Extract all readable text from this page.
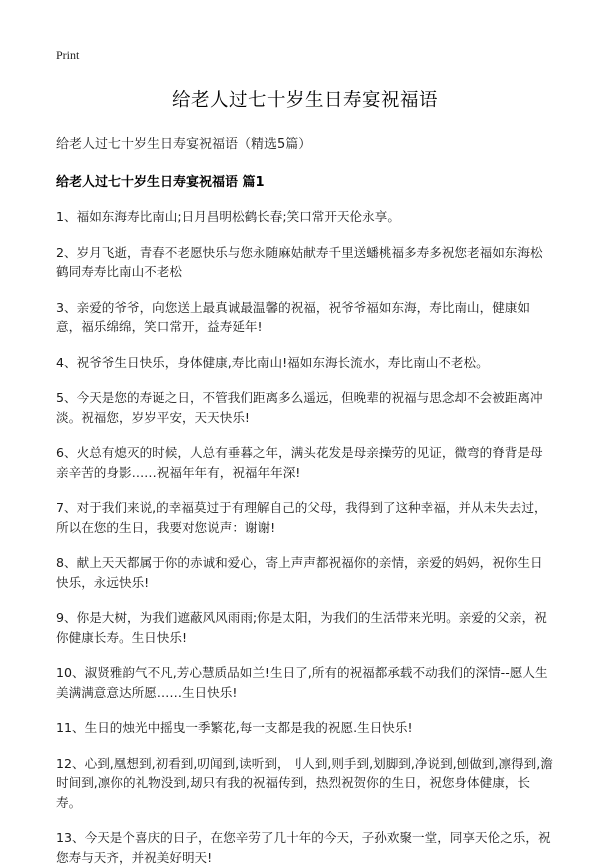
Print
给老人过七十岁生日寿宴祝福语

给老人过七十岁生日寿宴祝福语（精选5篇）

给老人过七十岁生日寿宴祝福语 篇1

1、福如东海寿比南山;日月昌明松鹤长春;笑口常开天伦永享。

2、岁月飞逝，青春不老愿快乐与您永随麻姑献寿千里送蟠桃福多寿多祝您老福如东海松鹤同寿寿比南山不老松

3、亲爱的爷爷，向您送上最真诚最温馨的祝福，祝爷爷福如东海，寿比南山，健康如意，福乐绵绵，笑口常开，益寿延年!

4、祝爷爷生日快乐，身体健康,寿比南山!福如东海长流水，寿比南山不老松。

5、今天是您的寿诞之日，不管我们距离多么遥远，但晚辈的祝福与思念却不会被距离冲淡。祝福您，岁岁平安，天天快乐!

6、火总有熄灭的时候，人总有垂暮之年，满头花发是母亲操劳的见证，微弯的脊背是母亲辛苦的身影……祝福年年有，祝福年年深!

7、对于我们来说,的幸福莫过于有理解自己的父母，我得到了这种幸福，并从未失去过，所以在您的生日，我要对您说声：谢谢!

8、献上天天都属于你的赤诚和爱心，寄上声声都祝福你的亲情，亲爱的妈妈，祝你生日快乐，永远快乐!

9、你是大树，为我们遮蔽风风雨雨;你是太阳，为我们的生活带来光明。亲爱的父亲，祝你健康长寿。生日快乐!

10、淑贤雅韵气不凡,芳心慧质品如兰!生日了,所有的祝福都承载不动我们的深情--愿人生美满满意意达所愿……生日快乐!

11、生日的烛光中摇曳一季繁花,每一支都是我的祝愿.生日快乐!

12、心到,凰想到,初看到,叨闻到,读听到，刂人到,则手到,划脚到,净说到,刨做到,凛得到,澹时间到,凛你的礼物没到,刼只有我的祝福传到，热烈祝贺你的生日，祝您身体健康，长寿。

13、今天是个喜庆的日子，在您辛劳了几十年的今天，子孙欢聚一堂，同享天伦之乐，祝您寿与天齐，并祝美好明天!
